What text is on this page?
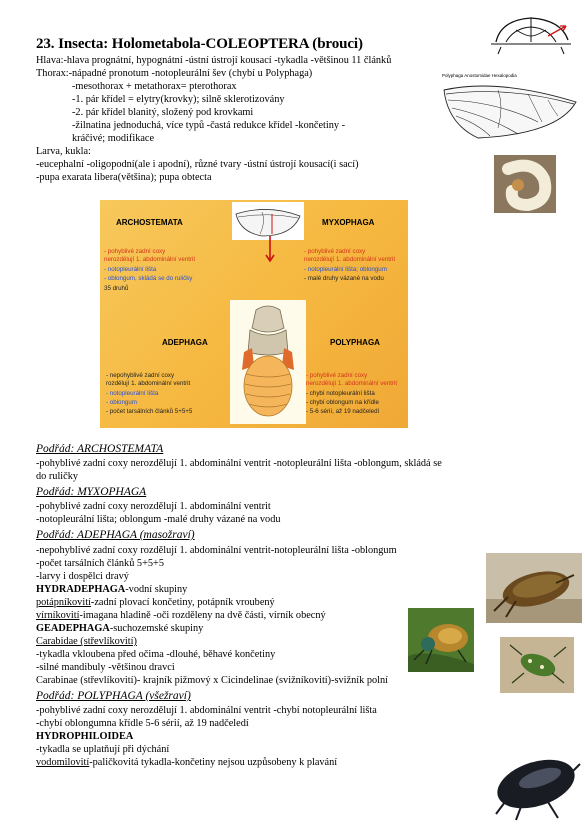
23. Insecta: Holometabola-COLEOPTERA (brouci)
Polyphaga Anostomidae Hexalopodia
Hlava:-hlava prognátní, hypognátní -ústní ústrojí kousací -tykadla -většinou 11 článků
Thorax:-nápadné pronotum -notopleurální šev (chybí u Polyphaga)
-mesothorax + metathorax= pterothorax
-1. pár křídel = elytry(krovky); silně sklerotizovány
-2. pár křídel blanitý, složený pod krovkami
-žilnatina jednoduchá, více typů -častá redukce křídel -končetiny -
kráčivé; modifikace
Larva, kukla:
-eucephalní -oligopodní(ale i apodní), různé tvary -ústní ústrojí kousací(i sací)
-pupa exarata libera(většina); pupa obtecta
ARCHOSTEMATA	MYXOPHAGA
ADEPHAGA	POLYPHAGA
- pohyblivé zadní coxy
nerozdělují 1. abdominální ventrit
- notopleurální lišta
- oblongum, skládá se do ruličky
35 druhů
- pohyblivé zadní coxy
nerozdělují 1. abdominální ventrit
- notopleurální lišta; oblongum
- malé druhy vázané na vodu
- nepohyblivé zadní coxy
rozdělují 1. abdominální ventrit
- notopleurální lišta
- oblongum
- počet tarsálních článků 5+5+5
- pohyblivé zadní coxy
nerozdělují 1. abdominální ventrit
- chybí notopleurální lišta
- chybí oblongum na křídle
- 5-6 sérií, až 19 nadčeledí
Podřád: ARCHOSTEMATA
-pohyblivé zadní coxy nerozdělují 1. abdominální ventrit -notopleurální lišta -oblongum, skládá se
do ruličky
Podřád: MYXOPHAGA
-pohyblivé zadní coxy nerozdělují 1. abdominální ventrit
-notopleurální lišta; oblongum -malé druhy vázané na vodu
Podřád: ADEPHAGA (masožraví)
-nepohyblivé zadní coxy rozdělují 1. abdominální ventrit-notopleurální lišta -oblongum
-počet tarsálních článků 5+5+5
-larvy i dospělci dravý
HYDRADEPHAGA-vodní skupiny
potápníkovití-zadní plovací končetiny, potápník vroubený
vírníkovití-imagana hladině -oči rozděleny na dvě části, vírník obecný
GEADEPHAGA-suchozemské skupiny
Carabidae (střevlíkovití)
-tykadla vkloubena před očima -dlouhé, běhavé končetiny
-silné mandibuly -většinou dravci
Carabinae (střevlíkovití)- krajník pižmový x Cicindelinae (svižníkovití)-svižník polní
Podřád: POLYPHAGA (všežraví)
-pohyblivé zadní coxy nerozdělují 1. abdominální ventrit -chybí notopleurální lišta
-chybí oblongumna křídle 5-6 sérií, až 19 nadčeledí
HYDROPHILOIDEA
-tykadla se uplatňují při dýchání
vodomilovití-paličkovitá tykadla-končetiny nejsou uzpůsobeny k plavání
